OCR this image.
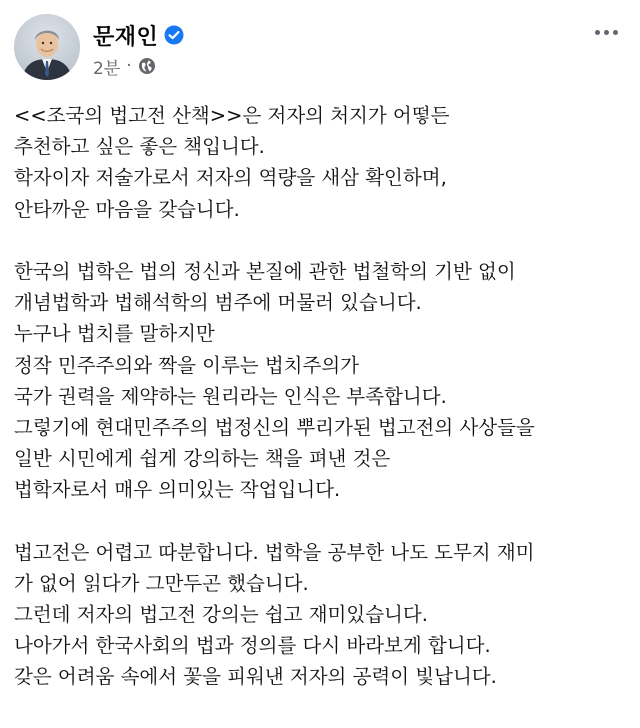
문재인
2분 ·
<<조국의 법고전 산책>>은 저자의 처지가 어떻든
추천하고 싶은 좋은 책입니다.
학자이자 저술가로서 저자의 역량을 새삼 확인하며,
안타까운 마음을 갖습니다.
한국의 법학은 법의 정신과 본질에 관한 법철학의 기반 없이
개념법학과 법해석학의 범주에 머물러 있습니다.
누구나 법치를 말하지만
정작 민주주의와 짝을 이루는 법치주의가
국가 권력을 제약하는 원리라는 인식은 부족합니다.
그렇기에 현대민주주의 법정신의 뿌리가된 법고전의 사상들을
일반 시민에게 쉽게 강의하는 책을 펴낸 것은
법학자로서 매우 의미있는 작업입니다.
법고전은 어렵고 따분합니다. 법학을 공부한 나도 도무지 재미
가 없어 읽다가 그만두곤 했습니다.
그런데 저자의 법고전 강의는 쉽고 재미있습니다.
나아가서 한국사회의 법과 정의를 다시 바라보게 합니다.
갖은 어려움 속에서 꽃을 피워낸 저자의 공력이 빛납니다.
